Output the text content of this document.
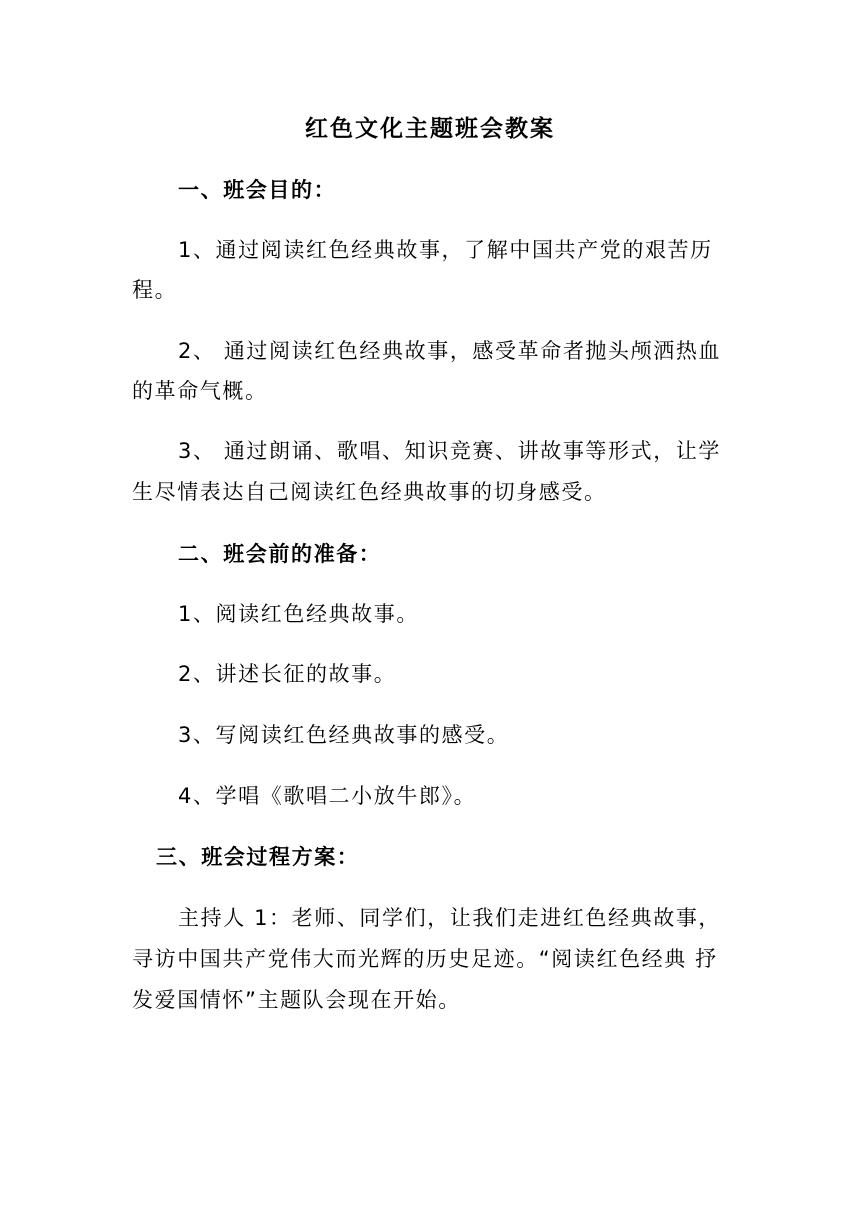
红色文化主题班会教案
一、班会目的：
1、通过阅读红色经典故事，了解中国共产党的艰苦历
程。
2、 通过阅读红色经典故事，感受革命者抛头颅洒热血
的革命气概。
3、 通过朗诵、歌唱、知识竞赛、讲故事等形式，让学
生尽情表达自己阅读红色经典故事的切身感受。
二、班会前的准备：
1、阅读红色经典故事。
2、讲述长征的故事。
3、写阅读红色经典故事的感受。
4、学唱《歌唱二小放牛郎》。
三、班会过程方案：
主持人 1：老师、同学们，让我们走进红色经典故事，
寻访中国共产党伟大而光辉的历史足迹。“阅读红色经典 抒
发爱国情怀”主题队会现在开始。
